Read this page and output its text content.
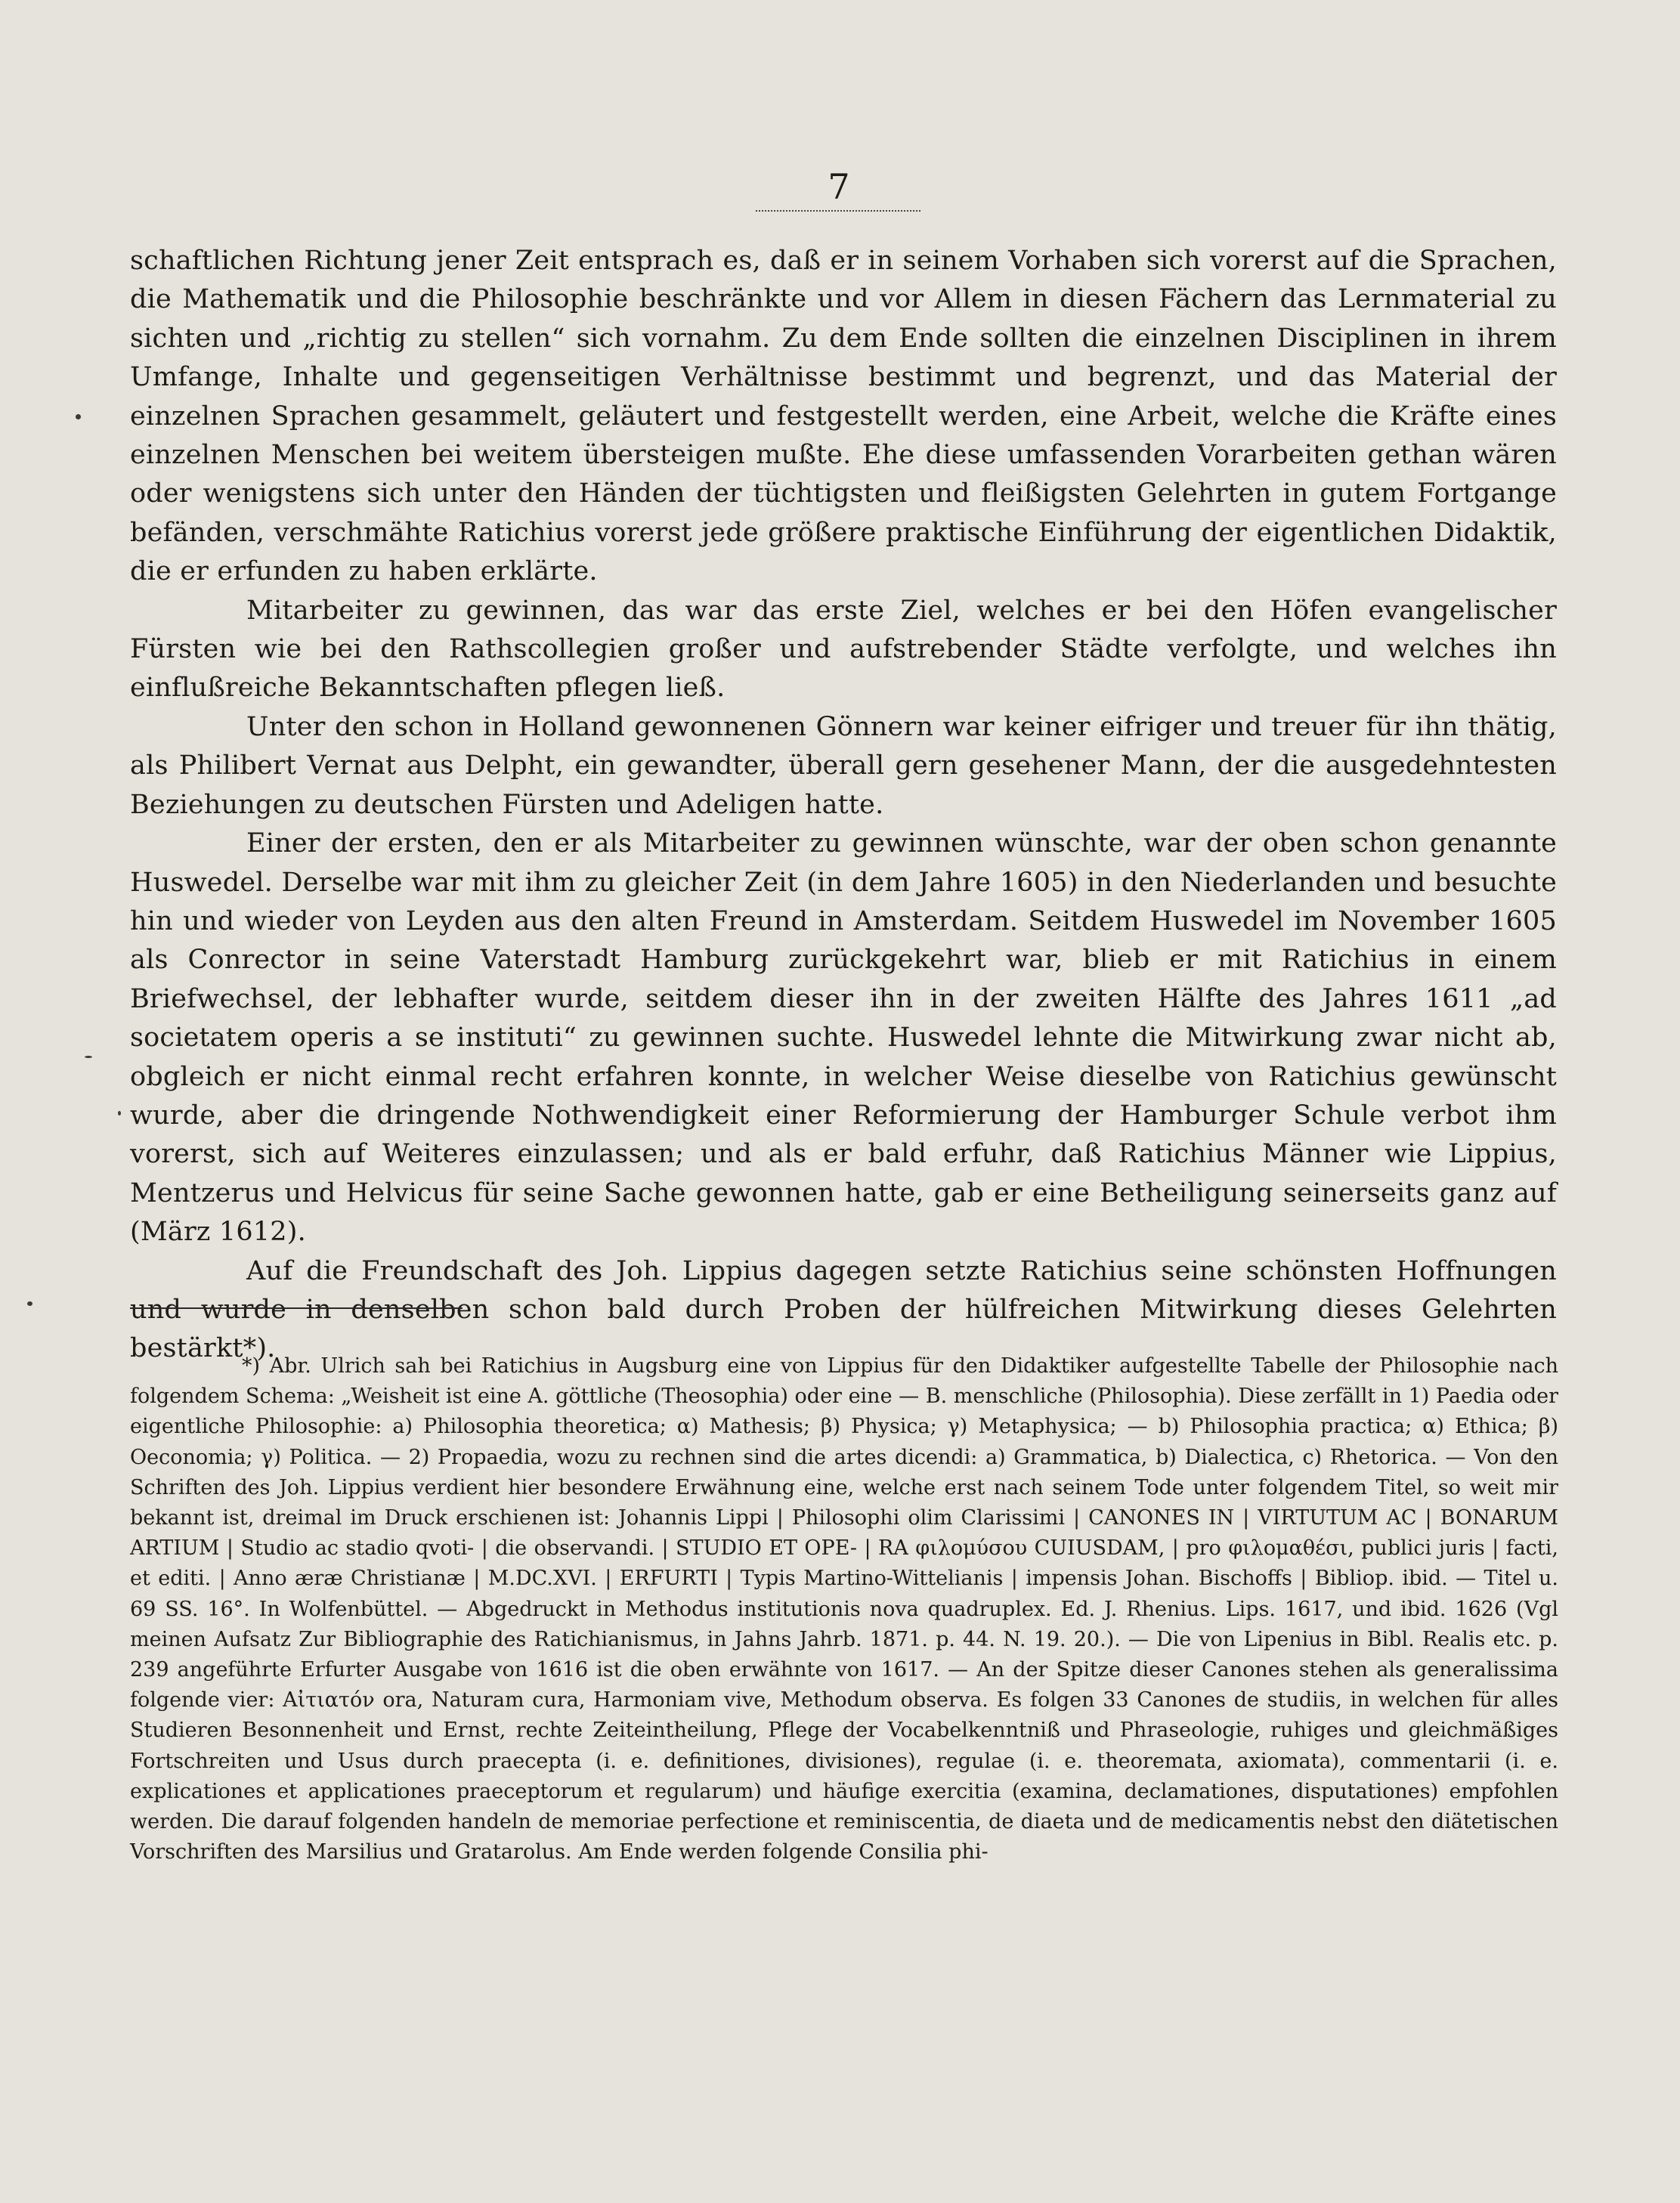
7

schaftlichen Richtung jener Zeit entsprach es, daß er in seinem Vorhaben sich vorerst auf die Sprachen, die Mathematik und die Philosophie beschränkte und vor Allem in diesen Fächern das Lernmaterial zu sichten und „richtig zu stellen“ sich vornahm. Zu dem Ende sollten die einzelnen Disciplinen in ihrem Umfange, Inhalte und gegenseitigen Verhältnisse bestimmt und begrenzt, und das Material der einzelnen Sprachen gesammelt, geläutert und festgestellt werden, eine Arbeit, welche die Kräfte eines einzelnen Menschen bei weitem übersteigen mußte. Ehe diese umfassenden Vorarbeiten gethan wären oder wenigstens sich unter den Händen der tüchtigsten und fleißigsten Gelehrten in gutem Fortgange befänden, verschmähte Ratichius vorerst jede größere praktische Einführung der eigentlichen Didaktik, die er erfunden zu haben erklärte.

Mitarbeiter zu gewinnen, das war das erste Ziel, welches er bei den Höfen evangelischer Fürsten wie bei den Rathscollegien großer und aufstrebender Städte verfolgte, und welches ihn einflußreiche Bekanntschaften pflegen ließ.

Unter den schon in Holland gewonnenen Gönnern war keiner eifriger und treuer für ihn thätig, als Philibert Vernat aus Delpht, ein gewandter, überall gern gesehener Mann, der die ausgedehntesten Beziehungen zu deutschen Fürsten und Adeligen hatte.

Einer der ersten, den er als Mitarbeiter zu gewinnen wünschte, war der oben schon genannte Huswedel. Derselbe war mit ihm zu gleicher Zeit (in dem Jahre 1605) in den Niederlanden und besuchte hin und wieder von Leyden aus den alten Freund in Amsterdam. Seitdem Huswedel im November 1605 als Conrector in seine Vaterstadt Hamburg zurückgekehrt war, blieb er mit Ratichius in einem Briefwechsel, der lebhafter wurde, seitdem dieser ihn in der zweiten Hälfte des Jahres 1611 „ad societatem operis a se instituti“ zu gewinnen suchte. Huswedel lehnte die Mitwirkung zwar nicht ab, obgleich er nicht einmal recht erfahren konnte, in welcher Weise dieselbe von Ratichius gewünscht wurde, aber die dringende Nothwendigkeit einer Reformierung der Hamburger Schule verbot ihm vorerst, sich auf Weiteres einzulassen; und als er bald erfuhr, daß Ratichius Männer wie Lippius, Mentzerus und Helvicus für seine Sache gewonnen hatte, gab er eine Betheiligung seinerseits ganz auf (März 1612).

Auf die Freundschaft des Joh. Lippius dagegen setzte Ratichius seine schönsten Hoffnungen und wurde in denselben schon bald durch Proben der hülfreichen Mitwirkung dieses Gelehrten bestärkt*).

*) Abr. Ulrich sah bei Ratichius in Augsburg eine von Lippius für den Didaktiker aufgestellte Tabelle der Philosophie nach folgendem Schema: „Weisheit ist eine A. göttliche (Theosophia) oder eine — B. menschliche (Philosophia). Diese zerfällt in 1) Paedia oder eigentliche Philosophie: a) Philosophia theoretica; α) Mathesis; β) Physica; γ) Metaphysica; — b) Philosophia practica; α) Ethica; β) Oeconomia; γ) Politica. — 2) Propaedia, wozu zu rechnen sind die artes dicendi: a) Grammatica, b) Dialectica, c) Rhetorica. — Von den Schriften des Joh. Lippius verdient hier besondere Erwähnung eine, welche erst nach seinem Tode unter folgendem Titel, so weit mir bekannt ist, dreimal im Druck erschienen ist: Johannis Lippi | Philosophi olim Clarissimi | CANONES IN | VIRTUTUM AC | BONARUM ARTIUM | Studio ac stadio qvoti- | die observandi. | STUDIO ET OPE- | RA φιλομύσου CUIUSDAM, | pro φιλομαθέσι, publici juris | facti, et editi. | Anno æræ Christianæ | M.DC.XVI. | ERFURTI | Typis Martino-Wittelianis | impensis Johan. Bischoffs | Bibliop. ibid. — Titel u. 69 SS. 16°. In Wolfenbüttel. — Abgedruckt in Methodus institutionis nova quadruplex. Ed. J. Rhenius. Lips. 1617, und ibid. 1626 (Vgl meinen Aufsatz Zur Bibliographie des Ratichianismus, in Jahns Jahrb. 1871. p. 44. N. 19. 20.). — Die von Lipenius in Bibl. Realis etc. p. 239 angeführte Erfurter Ausgabe von 1616 ist die oben erwähnte von 1617. — An der Spitze dieser Canones stehen als generalissima folgende vier: Αἰτιατόν ora, Naturam cura, Harmoniam vive, Methodum observa. Es folgen 33 Canones de studiis, in welchen für alles Studieren Besonnenheit und Ernst, rechte Zeiteintheilung, Pflege der Vocabelkenntniß und Phraseologie, ruhiges und gleichmäßiges Fortschreiten und Usus durch praecepta (i. e. definitiones, divisiones), regulae (i. e. theoremata, axiomata), commentarii (i. e. explicationes et applicationes praeceptorum et regularum) und häufige exercitia (examina, declamationes, disputationes) empfohlen werden. Die darauf folgenden handeln de memoriae perfectione et reminiscentia, de diaeta und de medicamentis nebst den diätetischen Vorschriften des Marsilius und Gratarolus. Am Ende werden folgende Consilia phi-
